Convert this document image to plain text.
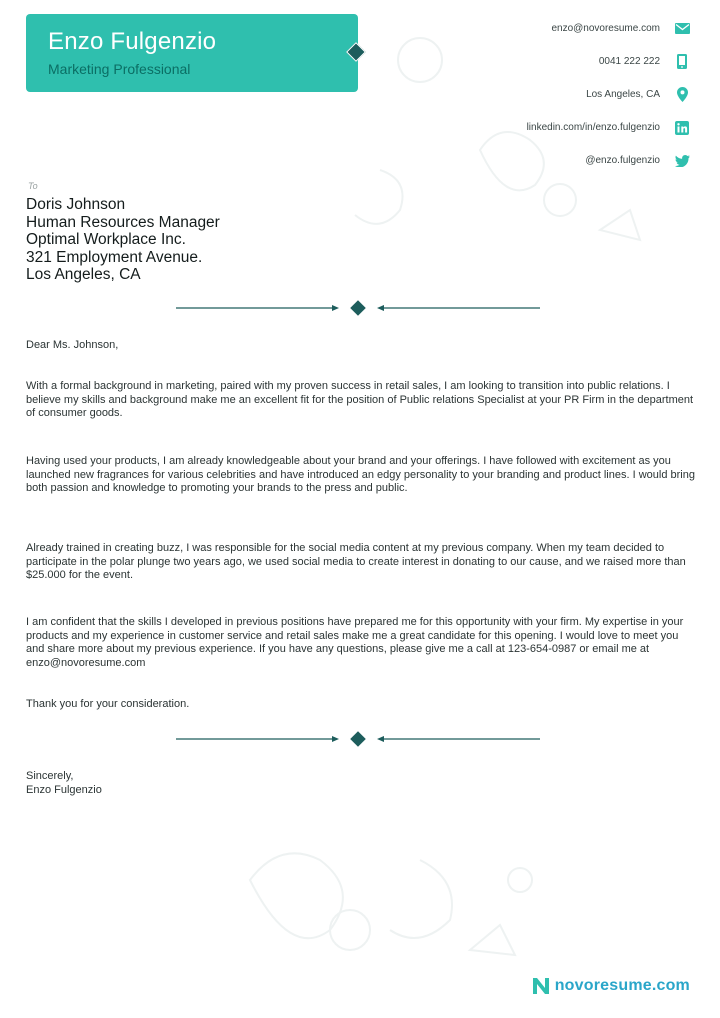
Enzo Fulgenzio
Marketing Professional
enzo@novoresume.com
0041 222 222
Los Angeles, CA
linkedin.com/in/enzo.fulgenzio
@enzo.fulgenzio
To
Doris Johnson
Human Resources Manager
Optimal Workplace Inc.
321 Employment Avenue.
Los Angeles, CA

Dear Ms. Johnson,

With a formal background in marketing, paired with my proven success in retail sales, I am looking to transition into public relations. I believe my skills and background make me an excellent fit for the position of Public relations Specialist at your PR Firm in the department of consumer goods.

Having used your products, I am already knowledgeable about your brand and your offerings. I have followed with excitement as you launched new fragrances for various celebrities and have introduced an edgy personality to your branding and product lines. I would bring both passion and knowledge to promoting your brands to the press and public.

Already trained in creating buzz, I was responsible for the social media content at my previous company. When my team decided to participate in the polar plunge two years ago, we used social media to create interest in donating to our cause, and we raised more than $25.000 for the event.

I am confident that the skills I developed in previous positions have prepared me for this opportunity with your firm. My expertise in your products and my experience in customer service and retail sales make me a great candidate for this opening. I would love to meet you and share more about my previous experience. If you have any questions, please give me a call at 123-654-0987 or email me at enzo@novoresume.com

Thank you for your consideration.

Sincerely,

Enzo Fulgenzio

novoresume.com
